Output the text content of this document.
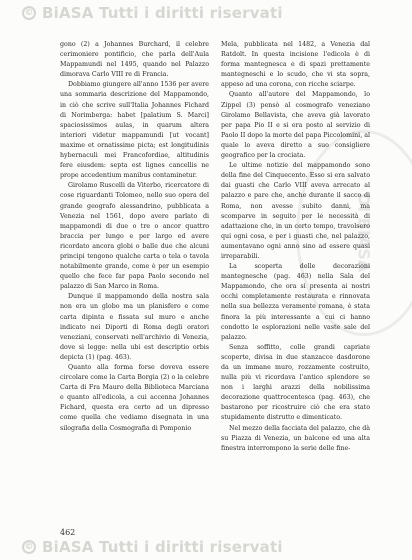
© BiASA Tutti i diritti riservati
DI BIASA

gono (2) a Johannes Burchard, il celebre cerimoniere pontificio, che parla dell'Aula Mappamundi nel 1495, quando nel Palazzo dimorava Carlo VIII re di Francia.

Dobbiamo giungere all'anno 1536 per avere una sommaria descrizione del Mappamondo, in ciò che scrive sull'Italia Johannes Fichard di Norimberga: habet [palatium S. Marci] spaciosissimos aulas, in quarum altera interiori videtur mappamundi [ut vocant] maxime et ornatissime picta; est longitudinis hybernaculi mei Francofordiae, altitudinis fere eiusdem: septa est lignes cancellis ne prope accedentium manibus contaminetur.

Girolamo Ruscelli da Viterbo, ricercatore di cose riguardanti Tolomeo, nello suo opera del grande geografo alessandrino, pubblicata a Venezia nel 1561, dopo avere parlato di mappamondi di due o tre o ancor quattro braccia per lungo e per largo ed avere ricordato ancora globi o balle due che alcuni principi tengono qualche carta o tela o tavola notabilmente grande, come è per un esempio quello che fece far papa Paolo secondo nel palazzo di San Marco in Roma.

Dunque il mappamondo della nostra sala non era un globo ma un planisfero e come carta dipinta e fissata sul muro e anche indicato nei Diporti di Roma degli oratori veneziani, conservati nell'archivio di Venezia, dove si legge: nella ubi est descriptio orbis depicta (1) (pag. 463).

Quanto alla forma forse doveva essere circolare come la Carta Borgia (2) o la celebre Carta di Fra Mauro della Biblioteca Marciana e quanto all'edicola, a cui accenna Johannes Fichard, questa era certo ad un dipresso come quella che vediamo disegnata in una silografia della Cosmografia di Pomponio

Mela, pubblicata nel 1482, a Venezia dal Ratdolt. In questa incisione l'edicola è di forma mantegnesca e di spazi prettamente mantegneschi e lo scudo, che vi sta sopra, appeso ad una corona, con ricche sciarpe.

Quanto all'autore del Mappamondo, lo Zippel (3) pensò al cosmografo veneziano Girolamo Bellavista, che aveva già lavorato per papa Pio II e si era posto al servizio di Paolo II dopo la morte del papa Piccolomini, al quale lo aveva diretto a suo consigliere geografico per la crociata.

Le ultime notizie del mappamondo sono della fine del Cinquecento. Esso si era salvato dai guasti che Carlo VIII aveva arrecato al palazzo e pare che, anche durante il sacco di Roma, non avesse subito danni, ma scomparve in seguito per le necessità di adattazione che, in un certo tempo, travolsero qui ogni cosa, e per i guasti che, nel palazzo, aumentavano ogni anno sino ad essere quasi irreparabili.

La scoperta delle decorazioni mantegnesche (pag. 463) nella Sala del Mappamondo, che ora si presenta ai nostri occhi completamente restaurata e rinnovata nella sua bellezza veramente romana, è stata finora la più interessante a cui ci hanno condotto le esplorazioni nelle vaste sale del palazzo.

Senza soffitto, colle grandi capriate scoperte, divisa in due stanzacce dasdorone da un immane muro, rozzamente costruito, nulla più vi ricordava l'antico splendore se non i larghi arazzi della nobilissima decorazione quattrocentesca (pag. 463), che bastarono per ricostruire ciò che era stato stupidamente distrutto e dimenticato.

Nel mezzo della facciata del palazzo, che dà su Piazza di Venezia, un balcone ed una alta finestra interrompono la serie delle fine-

462
© BiASA Tutti i diritti riservati
